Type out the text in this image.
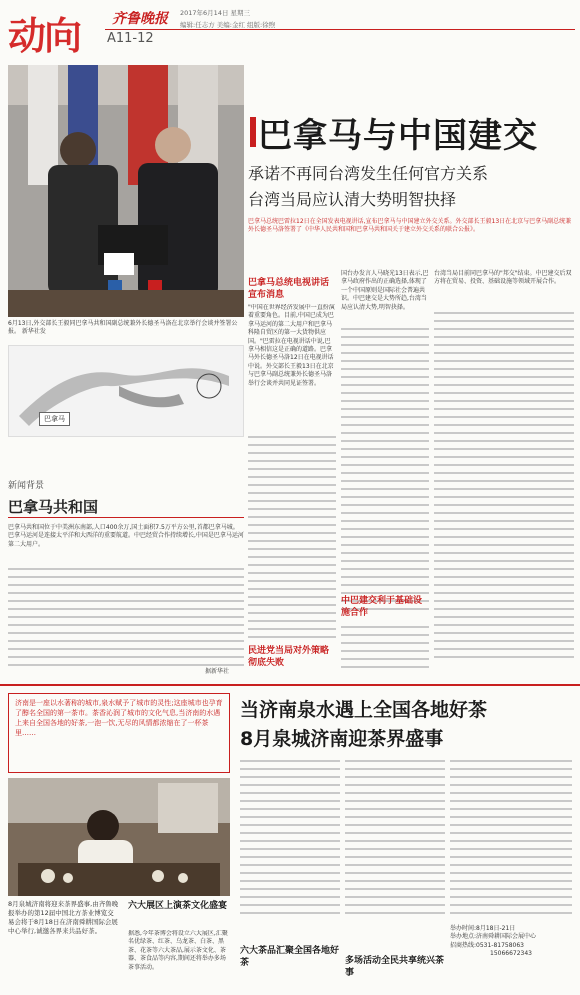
动向 齐鲁晚报 2017年6月14日 星期三
编辑:任志方 美编:金红 组版:徐煦
A11-12
6月13日,外交部长王毅同巴拿马共和国副总统兼外长德圣马洛在北京举行会谈并签署公报。 新华社发
巴拿马
新闻背景
巴拿马共和国
巴拿马共和国位于中美洲东南部,人口400余万,国土面积7.5万平方公里,首都巴拿马城。巴拿马运河是连接太平洋和大西洋的重要航道。中巴经贸合作持续增长,中国是巴拿马运河第二大用户。
据新华社
巴拿马与中国建交
承诺不再同台湾发生任何官方关系
台湾当局应认清大势明智抉择
巴拿马总统巴雷拉12日在全国发表电视讲话,宣布巴拿马与中国建立外交关系。外交部长王毅13日在北京与巴拿马副总统兼外长德圣马洛签署了《中华人民共和国和巴拿马共和国关于建立外交关系的联合公报》。
巴拿马总统电视讲话宣布消息
"中国在世界经济发展中一直扮演着重要角色。目前,中国已成为巴拿马运河的第二大用户和巴拿马科隆自贸区的第一大货物供应国。"巴雷拉在电视讲话中说,巴拿马相信这是正确的道路。巴拿马外长德圣马洛12日在电视讲话中说。外交部长王毅13日在北京与巴拿马副总统兼外长德圣马洛举行会谈并共同见证签署。
国台办发言人马晓光13日表示,巴拿马政府作出的正确选择,体现了一个中国原则是国际社会普遍共识。中巴建交是大势所趋,台湾当局应认清大势,明智抉择。
中巴建交利于基础设施合作
台湾当局目前同巴拿马的"邦交"结束。中巴建交后双方将在贸易、投资、基础设施等领域开展合作。
民进党当局对外策略彻底失败
济南是一座以水著称的城市,泉水赋予了城市的灵性;这座城市也孕育了醇名全国的第一茶市。茶香沁润了城市的文化气息,当济南的水遇上来自全国各地的好茶,一泡一饮,无尽的风情都浓缩在了一杯茶里……
8月泉城济南将迎来茶界盛事,由齐鲁晚报举办的第12届中国北方茶业博览交易会将于8月18日在济南舜耕国际会展中心举行,诚邀各界来共品好茶。
当济南泉水遇上全国各地好茶
8月泉城济南迎茶界盛事
六大展区上演茶文化盛宴
据悉,今年茶博会将设立六大展区,汇聚名优绿茶、红茶、乌龙茶、白茶、黑茶、花茶等六大茶品,展示茶文化、茶器、茶食品等内容,期间还将举办多场茶事活动。
六大茶品汇聚全国各地好茶	多场活动全民共享统兴茶事
举办时间:8月18日-21日
举办地点:济南舜耕国际会展中心
招商热线:0531-81758063
15066672343
